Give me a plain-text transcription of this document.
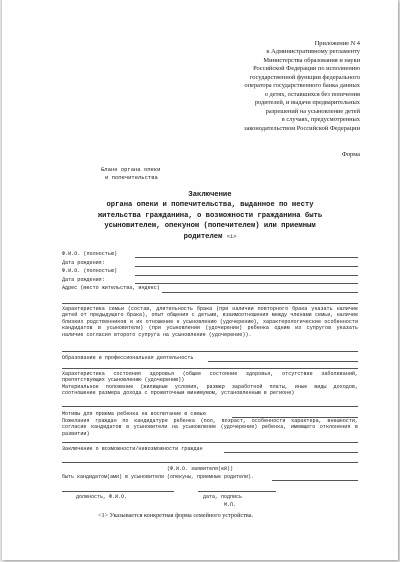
Приложение N 4
к Административному регламенту
Министерства образования и науки
Российской Федерации по исполнению
государственной функции федерального
оператора государственного банка данных
о детях, оставшихся без попечения
родителей, и выдачи предварительных
разрешений на усыновление детей
в случаях, предусмотренных
законодательством Российской Федерации
Форма
Бланк органа опеки
и попечительства
Заключение
органа опеки и попечительства, выданное по месту
жительства гражданина, о возможности гражданина быть
усыновителем, опекуном (попечителем) или приемным
родителем <1>
Ф.И.О. (полностью)
Дата рождения:
Ф.И.О. (полностью)
Дата рождения:
Адрес (место жительства, индекс)
Характеристика семьи (состав, длительность брака (при наличии повторного брака указать наличие детей от предыдущего брака), опыт общения с детьми, взаимоотношения между членами семьи, наличие близких родственников и их отношение к усыновлению (удочерению), характерологические особенности кандидатов в усыновители) (при усыновлении (удочерении) ребенка одним из супругов указать наличие согласия второго супруга на усыновление (удочерение)).
Образование и профессиональная деятельность
Характеристика состояния здоровья (общее состояние здоровья, отсутствие заболеваний, препятствующих усыновлению (удочерению))
Материальное положение (жилищные условия, размер заработной платы, иные виды доходов, соотношение размера дохода с прожиточным минимумом, установленным в регионе)
Мотивы для приема ребенка на воспитание в семью
Пожелания граждан по кандидатуре ребенка (пол, возраст, особенности характера, внешности, согласие кандидатов в усыновители на усыновление (удочерение) ребенка, имеющего отклонения в развитии)
Заключение о возможности/невозможности граждан
(Ф.И.О. заявителя(ей))
быть кандидатом(ами) в усыновители (опекуны, приемные родители).
должность, Ф.И.О.	дата, подпись
М.П.
<1> Указывается конкретная форма семейного устройства.
